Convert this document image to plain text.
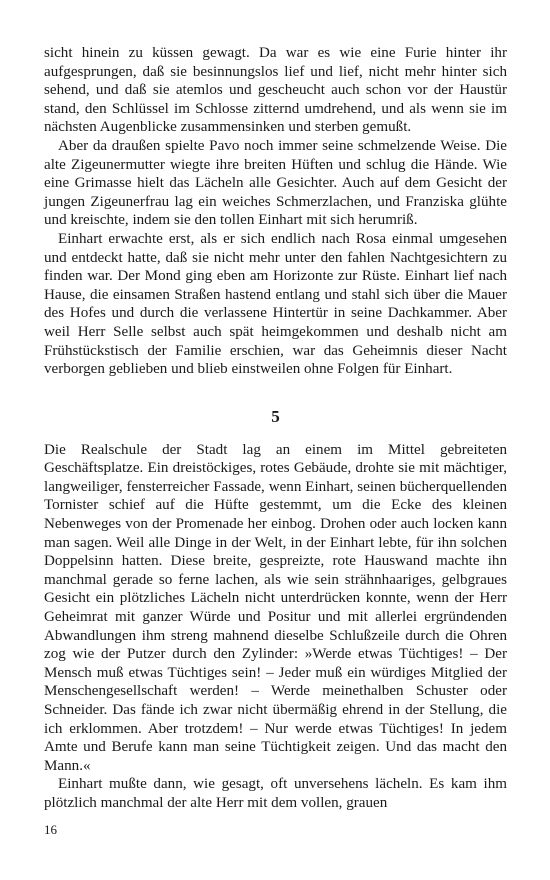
sicht hinein zu küssen gewagt. Da war es wie eine Furie hinter ihr aufgesprungen, daß sie besinnungslos lief und lief, nicht mehr hinter sich sehend, und daß sie atemlos und gescheucht auch schon vor der Haustür stand, den Schlüssel im Schlosse zitternd umdrehend, und als wenn sie im nächsten Augenblicke zusammensinken und sterben gemußt.

Aber da draußen spielte Pavo noch immer seine schmelzende Weise. Die alte Zigeunermutter wiegte ihre breiten Hüften und schlug die Hände. Wie eine Grimasse hielt das Lächeln alle Gesichter. Auch auf dem Gesicht der jungen Zigeunerfrau lag ein weiches Schmerzlachen, und Franziska glühte und kreischte, indem sie den tollen Einhart mit sich herumriß.

Einhart erwachte erst, als er sich endlich nach Rosa einmal umgesehen und entdeckt hatte, daß sie nicht mehr unter den fahlen Nachtgesichtern zu finden war. Der Mond ging eben am Horizonte zur Rüste. Einhart lief nach Hause, die einsamen Straßen hastend entlang und stahl sich über die Mauer des Hofes und durch die verlassene Hintertür in seine Dachkammer. Aber weil Herr Selle selbst auch spät heimgekommen und deshalb nicht am Frühstückstisch der Familie erschien, war das Geheimnis dieser Nacht verborgen geblieben und blieb einstweilen ohne Folgen für Einhart.

5

Die Realschule der Stadt lag an einem im Mittel gebreiteten Geschäftsplatze. Ein dreistöckiges, rotes Gebäude, drohte sie mit mächtiger, langweiliger, fensterreicher Fassade, wenn Einhart, seinen bücherquellenden Tornister schief auf die Hüfte gestemmt, um die Ecke des kleinen Nebenweges von der Promenade her einbog. Drohen oder auch locken kann man sagen. Weil alle Dinge in der Welt, in der Einhart lebte, für ihn solchen Doppelsinn hatten. Diese breite, gespreizte, rote Hauswand machte ihn manchmal gerade so ferne lachen, als wie sein strähnhaariges, gelbgraues Gesicht ein plötzliches Lächeln nicht unterdrücken konnte, wenn der Herr Geheimrat mit ganzer Würde und Positur und mit allerlei ergründenden Abwandlungen ihm streng mahnend dieselbe Schlußzeile durch die Ohren zog wie der Putzer durch den Zylinder: »Werde etwas Tüchtiges! – Der Mensch muß etwas Tüchtiges sein! – Jeder muß ein würdiges Mitglied der Menschengesellschaft werden! – Werde meinethalben Schuster oder Schneider. Das fände ich zwar nicht übermäßig ehrend in der Stellung, die ich erklommen. Aber trotzdem! – Nur werde etwas Tüchtiges! In jedem Amte und Berufe kann man seine Tüchtigkeit zeigen. Und das macht den Mann.«

Einhart mußte dann, wie gesagt, oft unversehens lächeln. Es kam ihm plötzlich manchmal der alte Herr mit dem vollen, grauen

16
